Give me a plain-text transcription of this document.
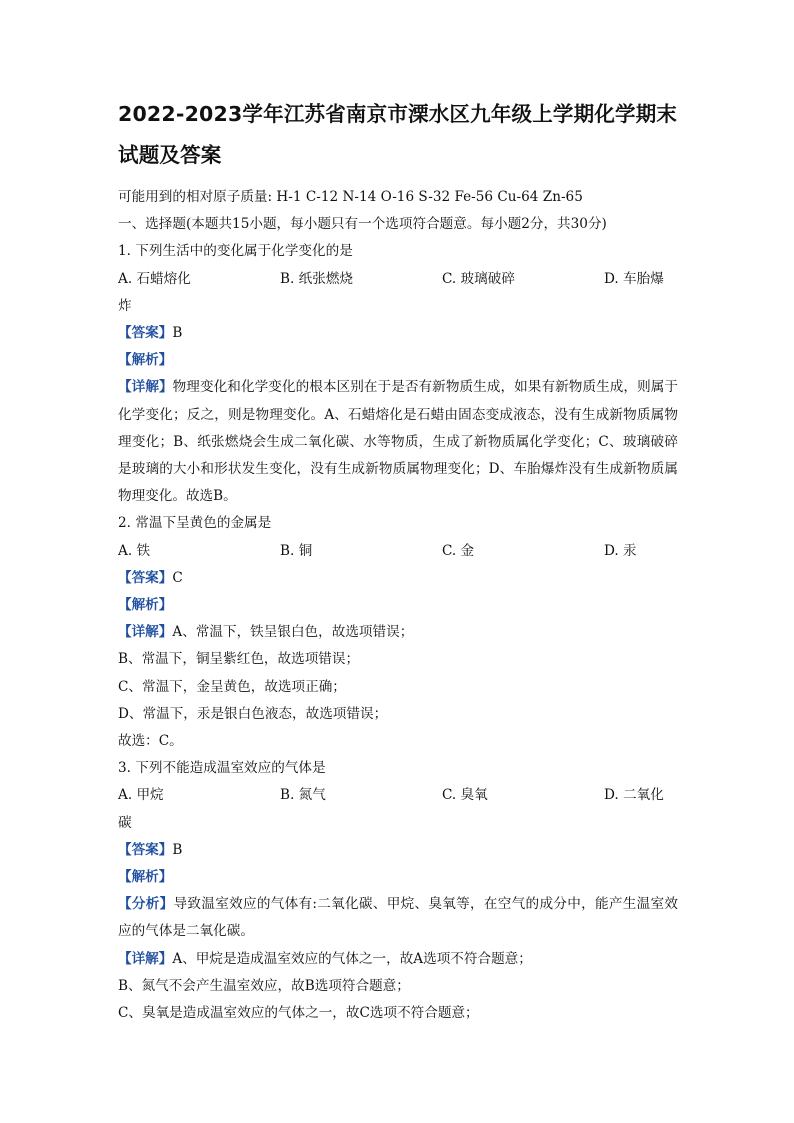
2022-2023学年江苏省南京市溧水区九年级上学期化学期末
试题及答案
可能用到的相对原子质量: H-1 C-12 N-14 O-16 S-32 Fe-56 Cu-64 Zn-65
一、选择题(本题共15小题，每小题只有一个选项符合题意。每小题2分，共30分)
1. 下列生活中的变化属于化学变化的是
A. 石蜡熔化	B. 纸张燃烧	C. 玻璃破碎	D. 车胎爆
炸
【答案】B
【解析】
【详解】物理变化和化学变化的根本区别在于是否有新物质生成，如果有新物质生成，则属于化学变化；反之，则是物理变化。A、石蜡熔化是石蜡由固态变成液态，没有生成新物质属物理变化；B、纸张燃烧会生成二氧化碳、水等物质，生成了新物质属化学变化；C、玻璃破碎是玻璃的大小和形状发生变化，没有生成新物质属物理变化；D、车胎爆炸没有生成新物质属物理变化。故选B。
2. 常温下呈黄色的金属是
A. 铁	B. 铜	C. 金	D. 汞
【答案】C
【解析】
【详解】A、常温下，铁呈银白色，故选项错误；
B、常温下，铜呈紫红色，故选项错误；
C、常温下，金呈黄色，故选项正确；
D、常温下，汞是银白色液态，故选项错误；
故选：C。
3. 下列不能造成温室效应的气体是
A. 甲烷	B. 氮气	C. 臭氧	D. 二氧化
碳
【答案】B
【解析】
【分析】导致温室效应的气体有:二氧化碳、甲烷、臭氧等，在空气的成分中，能产生温室效应的气体是二氧化碳。
【详解】A、甲烷是造成温室效应的气体之一，故A选项不符合题意；
B、氮气不会产生温室效应，故B选项符合题意；
C、臭氧是造成温室效应的气体之一，故C选项不符合题意；
